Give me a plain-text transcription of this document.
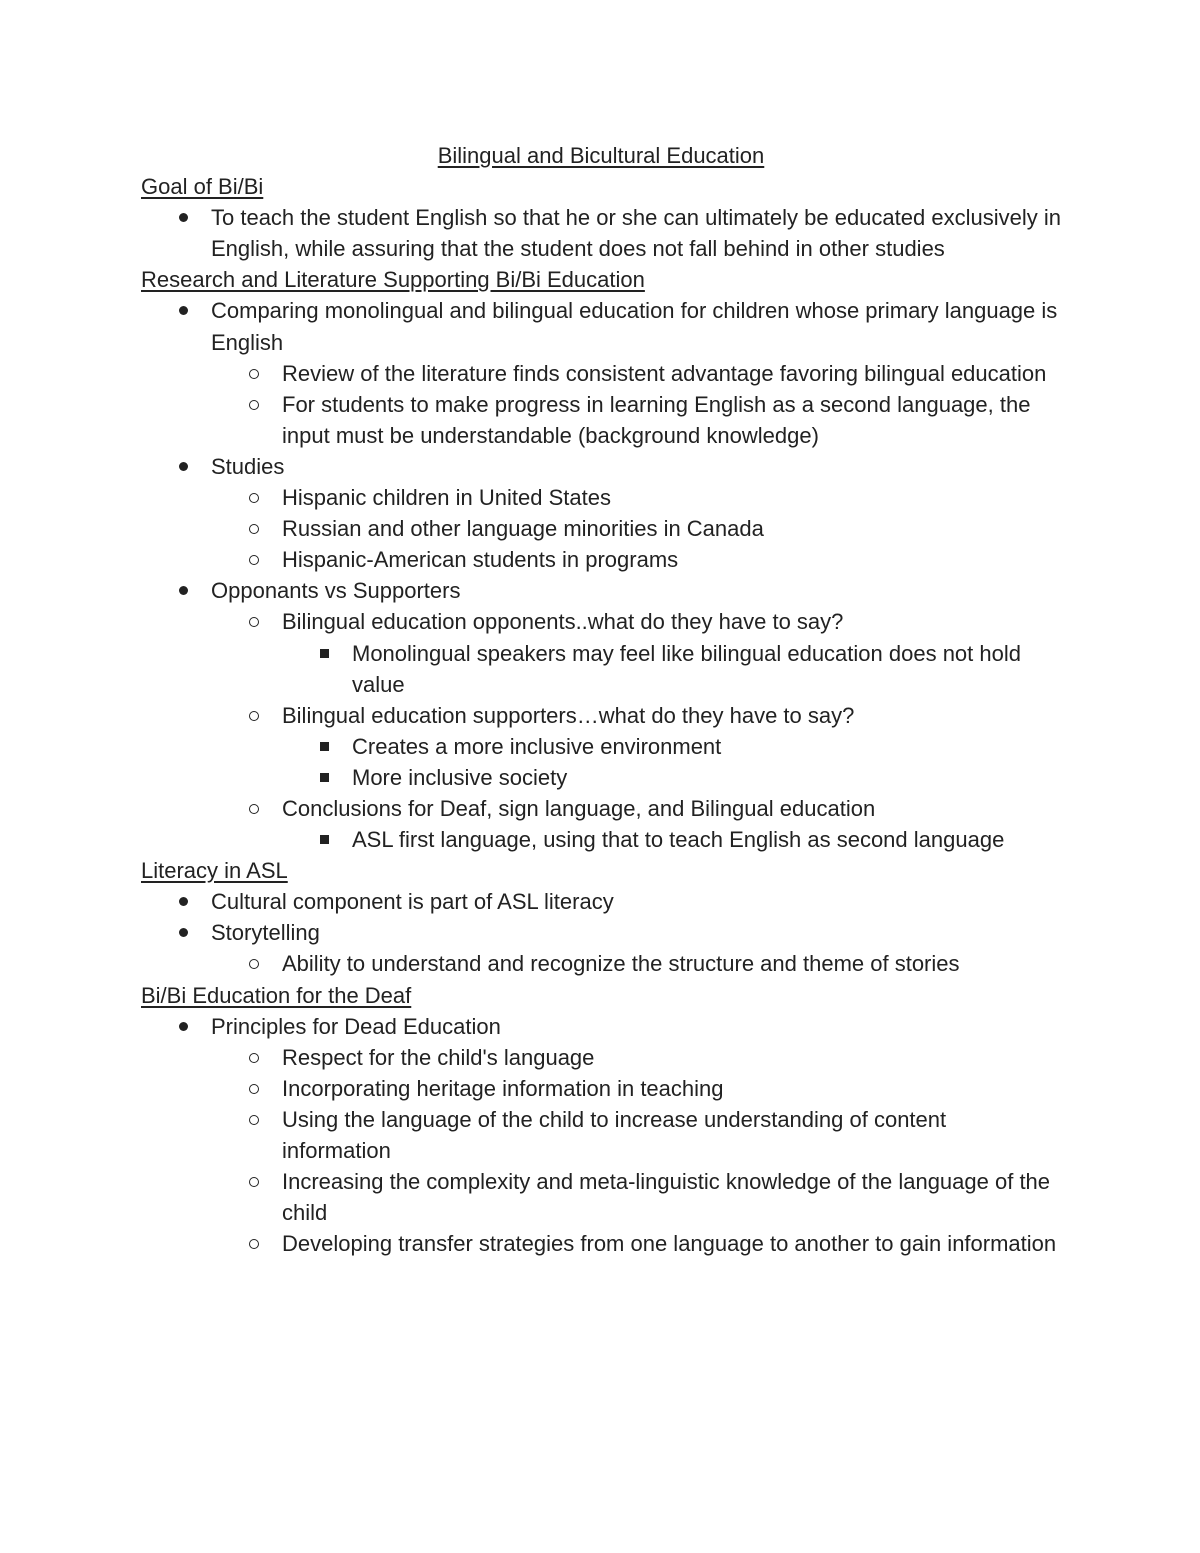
Bilingual and Bicultural Education
Goal of Bi/Bi
To teach the student English so that he or she can ultimately be educated exclusively in English, while assuring that the student does not fall behind in other studies
Research and Literature Supporting Bi/Bi Education
Comparing monolingual and bilingual education for children whose primary language is English
Review of the literature finds consistent advantage favoring bilingual education
For students to make progress in learning English as a second language, the input must be understandable (background knowledge)
Studies
Hispanic children in United States
Russian and other language minorities in Canada
Hispanic-American students in programs
Opponants vs Supporters
Bilingual education opponents..what do they have to say?
Monolingual speakers may feel like bilingual education does not hold value
Bilingual education supporters…what do they have to say?
Creates a more inclusive environment
More inclusive society
Conclusions for Deaf, sign language, and Bilingual education
ASL first language, using that to teach English as second language
Literacy in ASL
Cultural component is part of ASL literacy
Storytelling
Ability to understand and recognize the structure and theme of stories
Bi/Bi Education for the Deaf
Principles for Dead Education
Respect for the child's language
Incorporating heritage information in teaching
Using the language of the child to increase understanding of content information
Increasing the complexity and meta-linguistic knowledge of the language of the child
Developing transfer strategies from one language to another to gain information
